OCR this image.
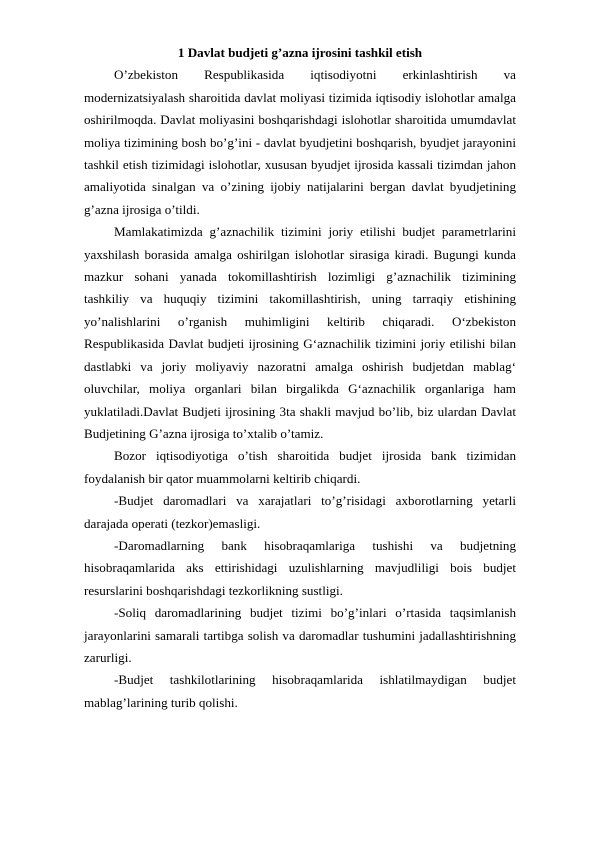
1 Davlat budjeti g’azna ijrosini tashkil etish

O’zbekiston Respublikasida iqtisodiyotni erkinlashtirish va modernizatsiyalash sharoitida davlat moliyasi tizimida iqtisodiy islohotlar amalga oshirilmoqda. Davlat moliyasini boshqarishdagi islohotlar sharoitida umumdavlat moliya tizimining bosh bo’g’ini - davlat byudjetini boshqarish, byudjet jarayonini tashkil etish tizimidagi islohotlar, xususan byudjet ijrosida kassali tizimdan jahon amaliyotida sinalgan va o’zining ijobiy natijalarini bergan davlat byudjetining g’azna ijrosiga o’tildi.

Mamlakatimizda g’aznachilik tizimini joriy etilishi budjet parametrlarini yaxshilash borasida amalga oshirilgan islohotlar sirasiga kiradi. Bugungi kunda mazkur sohani yanada tokomillashtirish lozimligi g’aznachilik tizimining tashkiliy va huquqiy tizimini takomillashtirish, uning tarraqiy etishining yo’nalishlarini o’rganish muhimligini keltirib chiqaradi. O‘zbekiston Respublikasida Davlat budjeti ijrosining G‘aznachilik tizimini joriy etilishi bilan dastlabki va joriy moliyaviy nazoratni amalga oshirish budjetdan mablag‘ oluvchilar, moliya organlari bilan birgalikda G‘aznachilik organlariga ham yuklatiladi.Davlat Budjeti ijrosining 3ta shakli mavjud bo’lib, biz ulardan Davlat Budjetining G’azna ijrosiga to’xtalib o’tamiz.

Bozor iqtisodiyotiga o’tish sharoitida budjet ijrosida bank tizimidan foydalanish bir qator muammolarni keltirib chiqardi.

-Budjet daromadlari va xarajatlari to’g’risidagi axborotlarning yetarli darajada operati (tezkor)emasligi.

-Daromadlarning bank hisobraqamlariga tushishi va budjetning hisobraqamlarida aks ettirishidagi uzulishlarning mavjudliligi bois budjet resurslarini boshqarishdagi tezkorlikning sustligi.

-Soliq daromadlarining budjet tizimi bo’g’inlari o’rtasida taqsimlanish jarayonlarini samarali tartibga solish va daromadlar tushumini jadallashtirishning zarurligi.

-Budjet tashkilotlarining hisobraqamlarida ishlatilmaydigan budjet mablag’larining turib qolishi.
